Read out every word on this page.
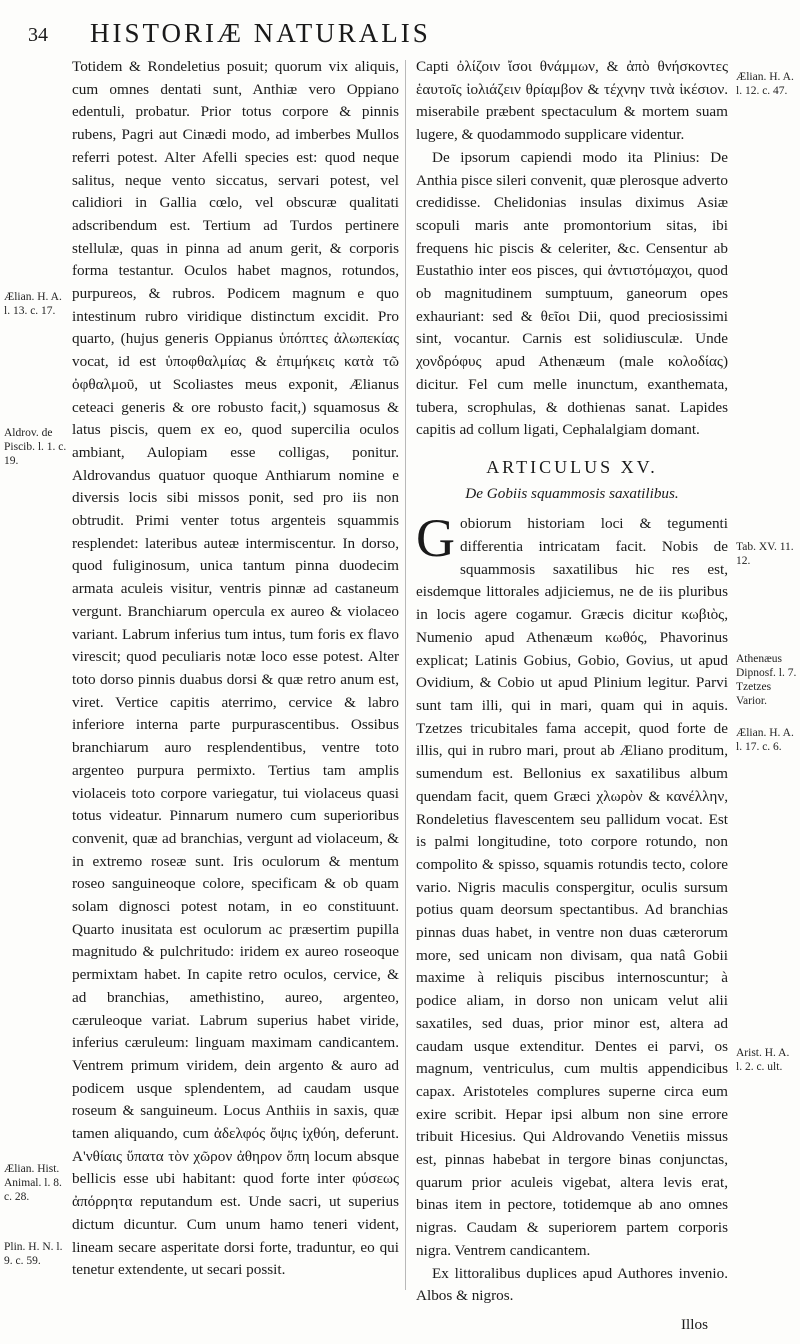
34 HISTORIÆ NATURALIS

Totidem & Rondeletius posuit; quorum vix aliquis, cum omnes dentati sunt, Anthiæ vero Oppiano edentuli, probatur. Prior totus corpore & pinnis rubens, Pagri aut Cinædi modo, ad imberbes Mullos referri potest. Alter Afelli species est: quod neque salitus, neque vento siccatus, servari potest, vel calidiori in Gallia cœlo, vel obscuræ qualitati adscribendum est. Tertium ad Turdos pertinere stellulæ, quas in pinna ad anum gerit, & corporis forma testantur. Oculos habet magnos, rotundos, purpureos, & rubros. Podicem magnum e quo intestinum rubro viridique distinctum excidit. Pro quarto, (hujus generis Oppianus ὑπόπτες ἀλωπεκίας vocat, id est ὑποφθαλμίας & ἐπιμήκεις κατὰ τῶ ὀφθαλμοῦ, ut Scoliastes meus exponit, Ælianus ceteaci generis & ore robusto facit,) squamosus & latus piscis, quem ex eo, quod supercilia oculos ambiant, Aulopiam esse colligas, ponitur. Aldrovandus quatuor quoque Anthiarum nomine e diversis locis sibi missos ponit, sed pro iis non obtrudit. Primi venter totus argenteis squammis resplendet: lateribus auteæ intermiscentur. In dorso, quod fuliginosum, unica tantum pinna duodecim armata aculeis visitur, ventris pinnæ ad castaneum vergunt. Branchiarum opercula ex aureo & violaceo variant. Labrum inferius tum intus, tum foris ex flavo virescit; quod peculiaris notæ loco esse potest. Alter toto dorso pinnis duabus dorsi & quæ retro anum est, viret. Vertice capitis aterrimo, cervice & labro inferiore interna parte purpurascentibus. Ossibus branchiarum auro resplendentibus, ventre toto argenteo purpura permixto. Tertius tam amplis violaceis toto corpore variegatur, tui violaceus quasi totus videatur. Pinnarum numero cum superioribus convenit, quæ ad branchias, vergunt ad violaceum, & in extremo roseæ sunt. Iris oculorum & mentum roseo sanguineoque colore, specificam & ob quam solam dignosci potest notam, in eo constituunt. Quarto inusitata est oculorum ac præsertim pupilla magnitudo & pulchritudo: iridem ex aureo roseoque permixtam habet. In capite retro oculos, cervice, & ad branchias, amethistino, aureo, argenteo, cæruleoque variat. Labrum superius habet viride, inferius cæruleum: linguam maximam candicantem. Ventrem primum viridem, dein argento & auro ad podicem usque splendentem, ad caudam usque roseum & sanguineum. Locus Anthiis in saxis, quæ tamen aliquando, cum ἀδελφός ὄψις ἰχθύη, deferunt. Α'νθίαις ὕπατα τὸν χῶρον ἀθηρον ὅπη locum absque bellicis esse ubi habitant: quod forte inter φύσεως ἀπόρρητα reputandum est. Unde sacri, ut superius dictum dicuntur. Cum unum hamo teneri vident, lineam secare asperitate dorsi forte, traduntur, eo qui tenetur extendente, ut secari possit.

Capti ὀλίζοιν ἴσοι θνάμμων, & ἀπὸ θνήσκοντες ἑαυτοῖς ἰολιάζειν θρίαμβον & τέχνην τινὰ ἱκέσιον. miserabile præbent spectaculum & mortem suam lugere, & quodammodo supplicare videntur.

De ipsorum capiendi modo ita Plinius: De Anthia pisce sileri convenit, quæ plerosque adverto credidisse. Chelidonias insulas diximus Asiæ scopuli maris ante promontorium sitas, ibi frequens hic piscis & celeriter, &c. Censentur ab Eustathio inter eos pisces, qui ἀντιστόμαχοι, quod ob magnitudinem sumptuum, ganeorum opes exhauriant: sed & θεῖοι Dii, quod preciosissimi sint, vocantur. Carnis est solidiusculæ. Unde χονδρόφυς apud Athenæum (male κολοδίας) dicitur. Fel cum melle inunctum, exanthemata, tubera, scrophulas, & dothienas sanat. Lapides capitis ad collum ligati, Cephalalgiam domant.

ARTICULUS XV.
De Gobiis squammosis saxatilibus.

Gobiorum historiam loci & tegumenti differentia intricatam facit. Nobis de squammosis saxatilibus hic res est, eisdemque littorales adjiciemus, ne de iis pluribus in locis agere cogamur. Græcis dicitur κωβιὸς, Numenio apud Athenæum κωθός, Phavorinus explicat; Latinis Gobius, Gobio, Govius, ut apud Ovidium, & Cobio ut apud Plinium legitur. Parvi sunt tam illi, qui in mari, quam qui in aquis. Tzetzes tricubitales fama accepit, quod forte de illis, qui in rubro mari, prout ab Æliano proditum, sumendum est. Bellonius ex saxatilibus album quendam facit, quem Græci χλωρὸν & κανέλλην, Rondeletius flavescentem seu pallidum vocat. Est is palmi longitudine, toto corpore rotundo, non compolito & spisso, squamis rotundis tecto, colore vario. Nigris maculis conspergitur, oculis sursum potius quam deorsum spectantibus. Ad branchias pinnas duas habet, in ventre non duas cæterorum more, sed unicam non divisam, qua natâ Gobii maxime à reliquis piscibus internoscuntur; à podice aliam, in dorso non unicam velut alii saxatiles, sed duas, prior minor est, altera ad caudam usque extenditur. Dentes ei parvi, os magnum, ventriculus, cum multis appendicibus capax. Aristoteles complures superne circa eum exire scribit. Hepar ipsi album non sine errore tribuit Hicesius. Qui Aldrovando Venetiis missus est, pinnas habebat in tergore binas conjunctas, quarum prior aculeis vigebat, altera levis erat, binas item in pectore, totidemque ab ano omnes nigras. Caudam & superiorem partem corporis nigra. Ventrem candicantem.

Ex littoralibus duplices apud Authores invenio. Albos & nigros.

Illos
Ælian. H. A. l. 13. c. 17.
Aldrov. de Piscib. l. 1. c. 19.
Ælian. Hist. Animal. l. 8. c. 28.
Plin. H. N. l. 9. c. 59.
Ælian. H. A. l. 12. c. 47.
Tab. XV. 11. 12.
Athenæus Dipnosf. l. 7. Tzetzes Varior.
Ælian. H. A. l. 17. c. 6.
Arist. H. A. l. 2. c. ult.
